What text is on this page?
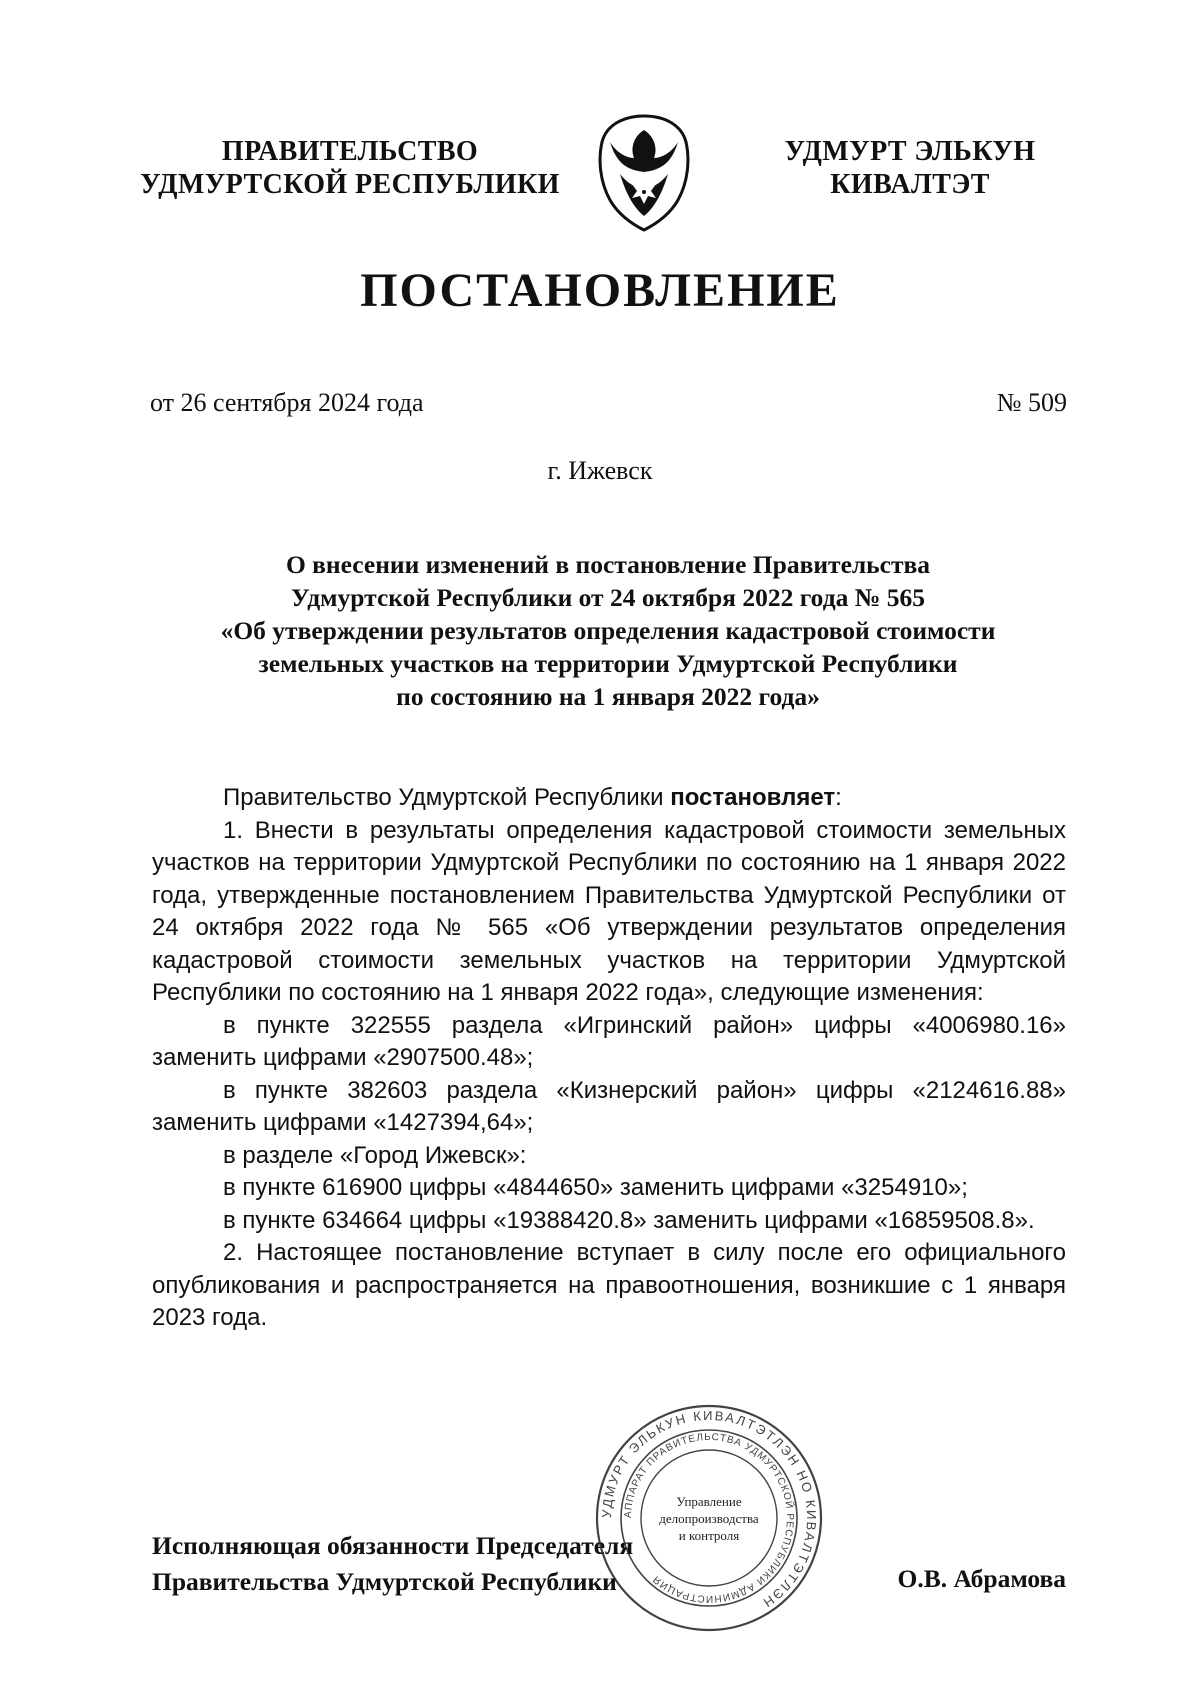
ПРАВИТЕЛЬСТВО
УДМУРТСКОЙ РЕСПУБЛИКИ
УДМУРТ ЭЛЬКУН
КИВАЛТЭТ
ПОСТАНОВЛЕНИЕ
от 26 сентября 2024 года	№ 509
г. Ижевск
О внесении изменений в постановление Правительства
Удмуртской Республики от 24 октября 2022 года № 565
«Об утверждении результатов определения кадастровой стоимости
земельных участков на территории Удмуртской Республики
по состоянию на 1 января 2022 года»

Правительство Удмуртской Республики постановляет:

1. Внести в результаты определения кадастровой стоимости земельных участков на территории Удмуртской Республики по состоянию на 1 января 2022 года, утвержденные постановлением Правительства Удмуртской Республики от 24 октября 2022 года № 565 «Об утверждении результатов определения кадастровой стоимости земельных участков на территории Удмуртской Республики по состоянию на 1 января 2022 года», следующие изменения:

в пункте 322555 раздела «Игринский район» цифры «4006980.16» заменить цифрами «2907500.48»;

в пункте 382603 раздела «Кизнерский район» цифры «2124616.88» заменить цифрами «1427394,64»;

в разделе «Город Ижевск»:

в пункте 616900 цифры «4844650» заменить цифрами «3254910»;

в пункте 634664 цифры «19388420.8» заменить цифрами «16859508.8».

2. Настоящее постановление вступает в силу после его официального опубликования и распространяется на правоотношения, возникшие с 1 января 2023 года.

Исполняющая обязанности Председателя
Правительства Удмуртской Республики	О.В. Абрамова
УДМУРТ ЭЛЬКУН КИВАЛТЭТЛЭН НО КИВАЛТЭТЛЭН
АППАРАТ ПРАВИТЕЛЬСТВА УДМУРТСКОЙ РЕСПУБЛИКИ АДМИНИСТРАЦИЯ
Управление
делопроизводства
и контроля
